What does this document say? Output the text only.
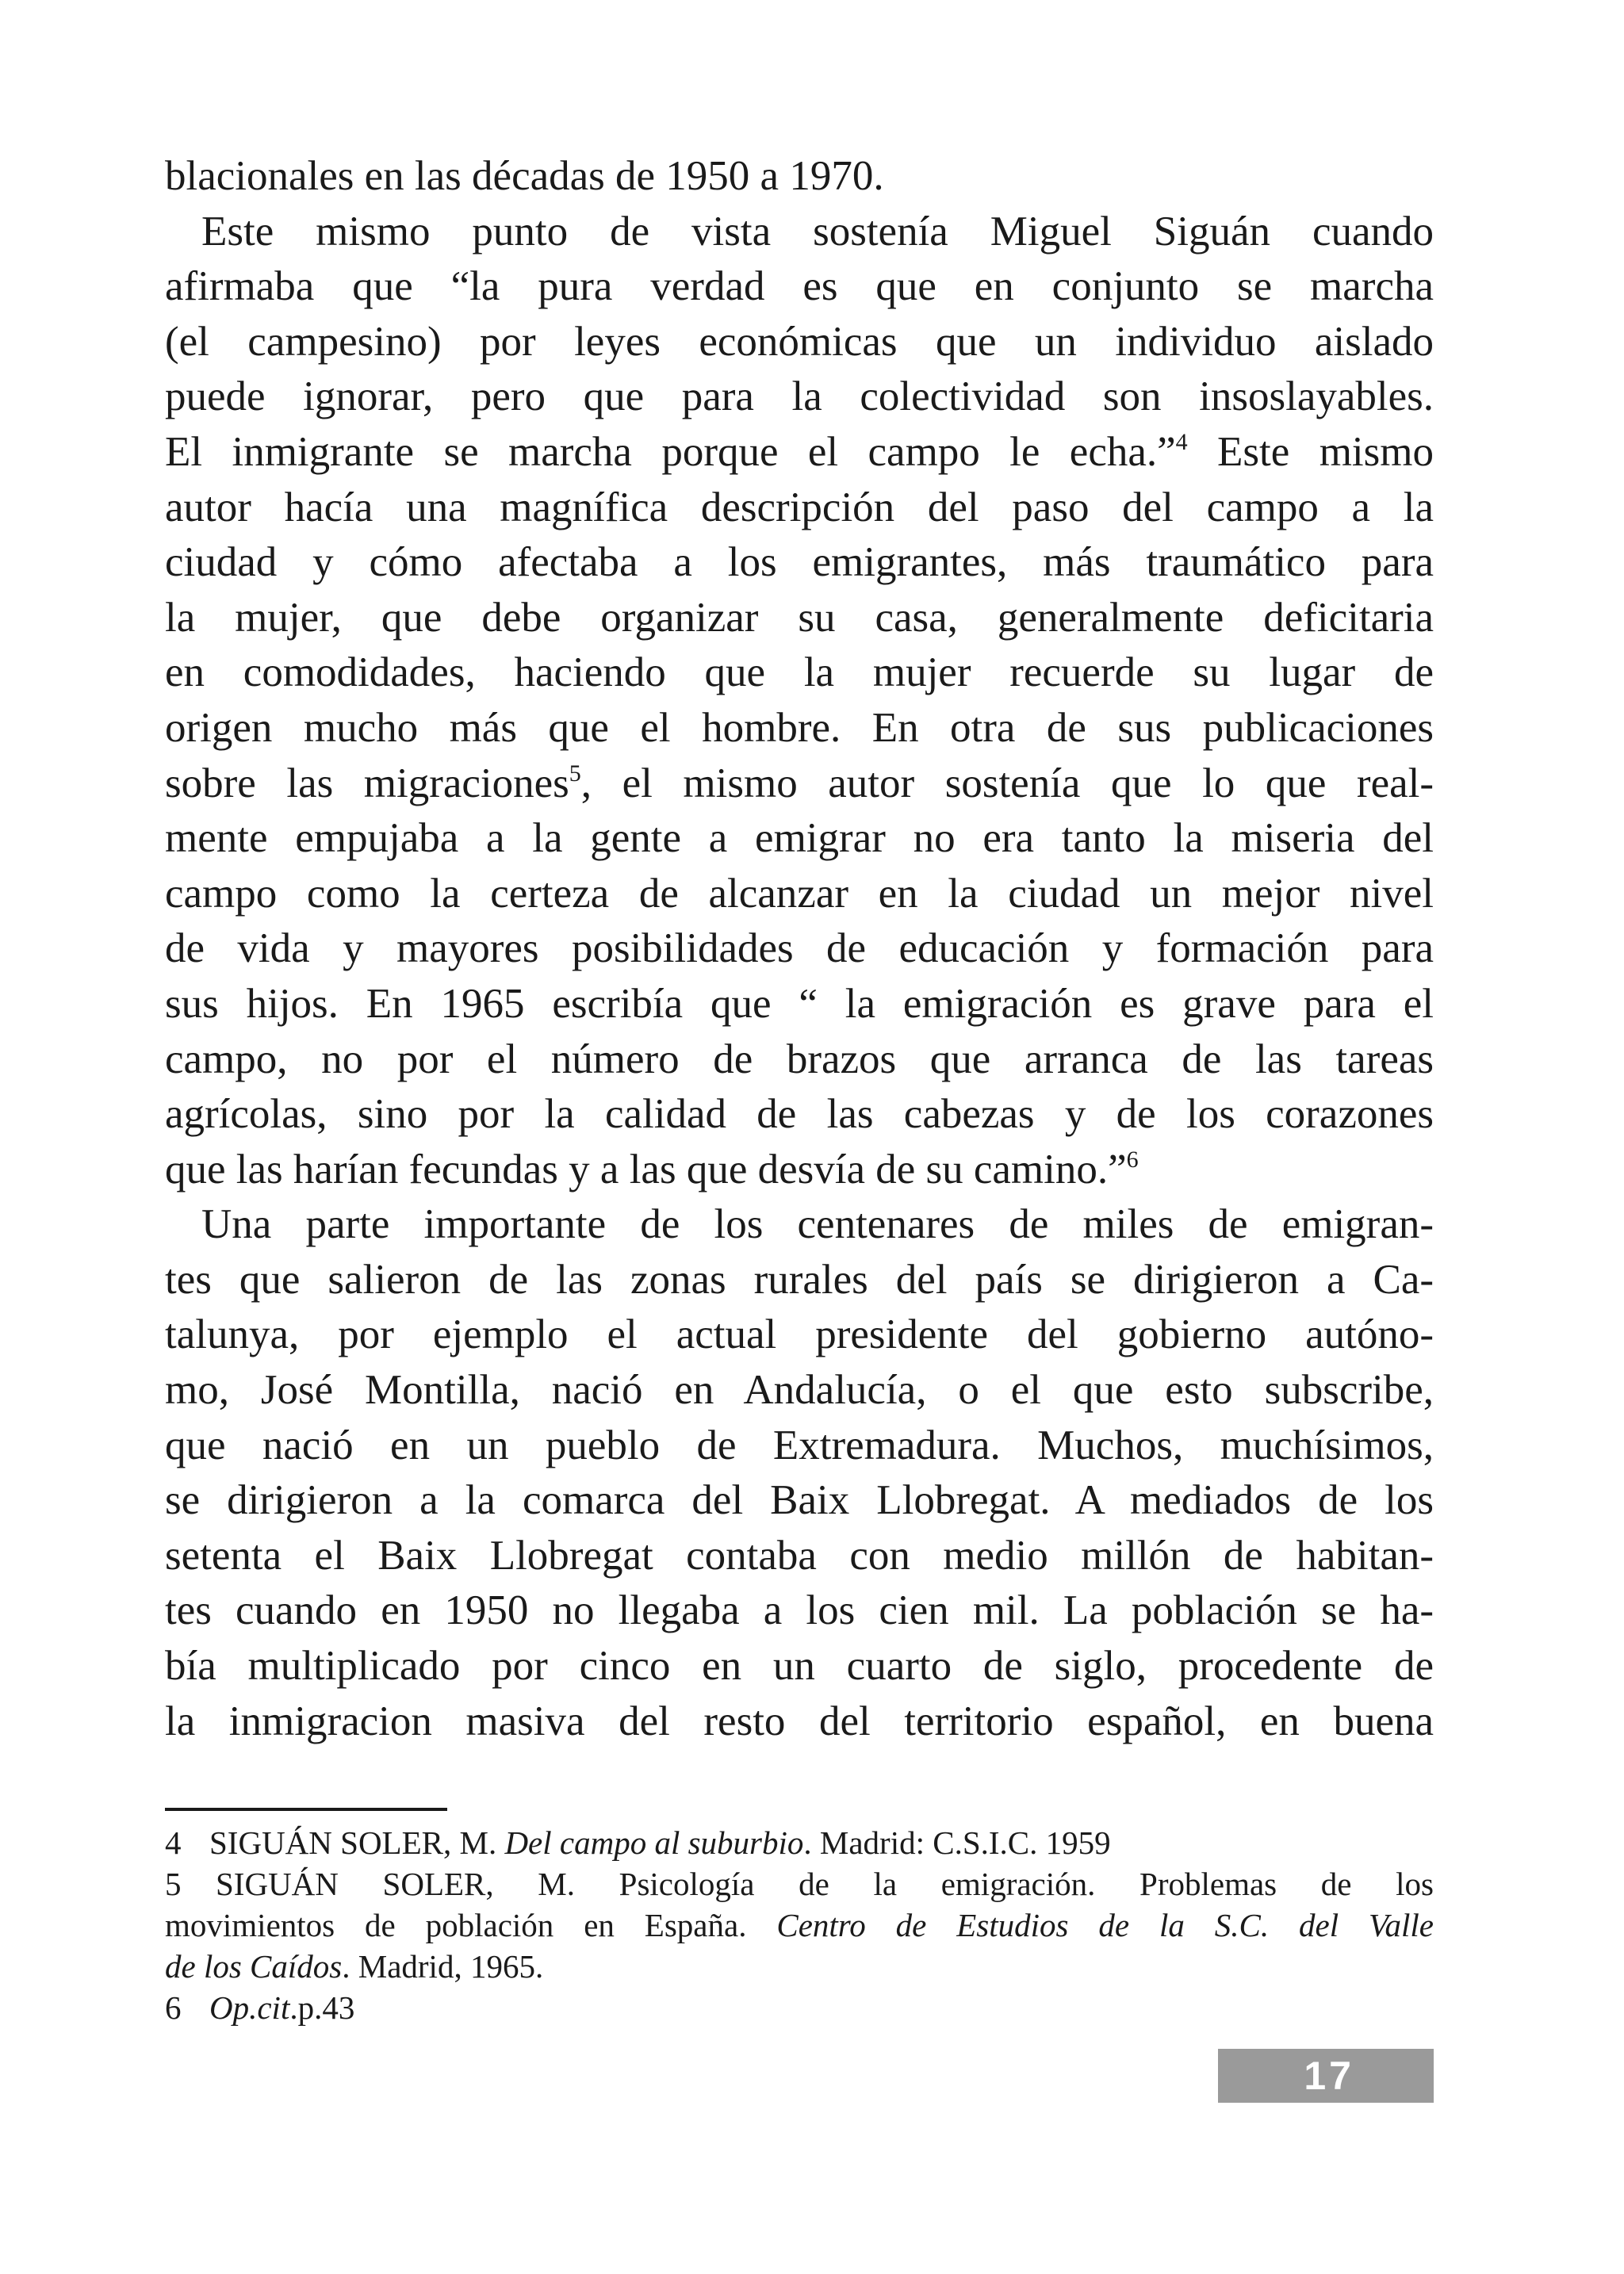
blacionales en las décadas de 1950 a 1970.
Este mismo punto de vista sostenía Miguel Siguán cuando
afirmaba que “la pura verdad es que en conjunto se marcha
(el campesino) por leyes económicas que un individuo aislado
puede ignorar, pero que para la colectividad son insoslayables.
El inmigrante se marcha porque el campo le echa.”$^4$ Este mismo
autor hacía una magnífica descripción del paso del campo a la
ciudad y cómo afectaba a los emigrantes, más traumático para
la mujer, que debe organizar su casa, generalmente deficitaria
en comodidades, haciendo que la mujer recuerde su lugar de
origen mucho más que el hombre. En otra de sus publicaciones
sobre las migraciones$^5$, el mismo autor sostenía que lo que real-
mente empujaba a la gente a emigrar no era tanto la miseria del
campo como la certeza de alcanzar en la ciudad un mejor nivel
de vida y mayores posibilidades de educación y formación para
sus hijos. En 1965 escribía que “ la emigración es grave para el
campo, no por el número de brazos que arranca de las tareas
agrícolas, sino por la calidad de las cabezas y de los corazones
que las harían fecundas y a las que desvía de su camino.”$^6$
Una parte importante de los centenares de miles de emigran-
tes que salieron de las zonas rurales del país se dirigieron a Ca-
talunya, por ejemplo el actual presidente del gobierno autóno-
mo, José Montilla, nació en Andalucía, o el que esto subscribe,
que nació en un pueblo de Extremadura. Muchos, muchísimos,
se dirigieron a la comarca del Baix Llobregat. A mediados de los
setenta el Baix Llobregat contaba con medio millón de habitan-
tes cuando en 1950 no llegaba a los cien mil. La población se ha-
bía multiplicado por cinco en un cuarto de siglo, procedente de
la inmigracion masiva del resto del territorio español, en buena
4 SIGUÁN SOLER, M. Del campo al suburbio. Madrid: C.S.I.C. 1959
5 SIGUÁN SOLER, M. Psicología de la emigración. Problemas de los
movimientos de población en España. Centro de Estudios de la S.C. del Valle
de los Caídos. Madrid, 1965.
6 Op.cit.p.43
17
